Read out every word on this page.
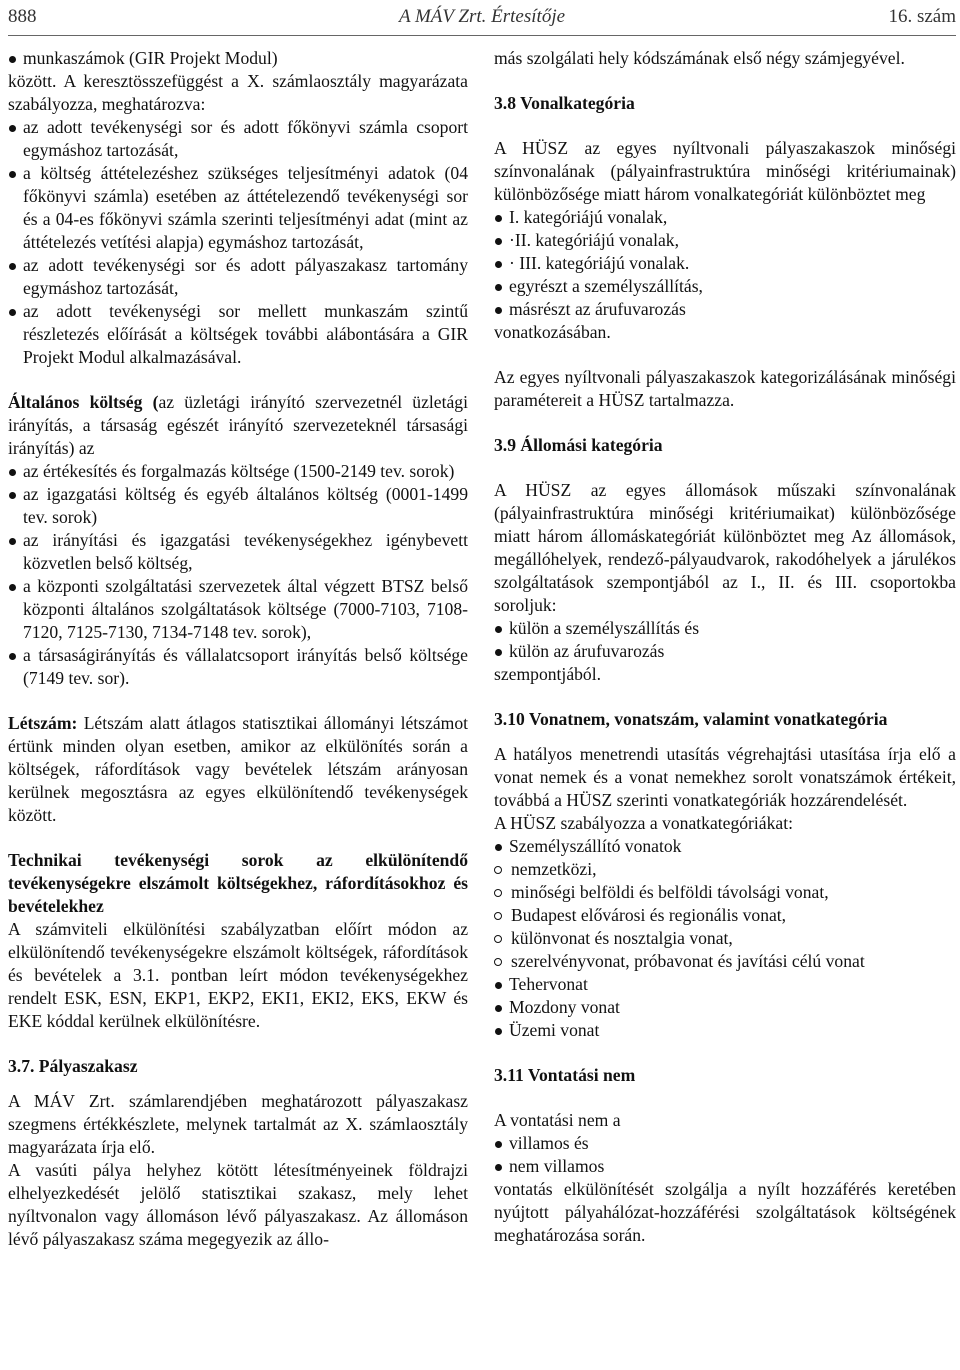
888	A MÁV Zrt. Értesítője	16. szám
munkaszámok (GIR Projekt Modul)

között. A keresztösszefüggést a X. számlaosztály magyarázata szabályozza, meghatározva:

az adott tevékenységi sor és adott főkönyvi számla csoport egymáshoz tartozását,
a költség áttételezéshez szükséges teljesítményi adatok (04 főkönyvi számla) esetében az áttételezendő tevékenységi sor és a 04-es főkönyvi számla szerinti teljesítményi adat (mint az áttételezés vetítési alapja) egymáshoz tartozását,
az adott tevékenységi sor és adott pályaszakasz tartomány egymáshoz tartozását,
az adott tevékenységi sor mellett munkaszám szintű részletezés előírását a költségek további alábontására a GIR Projekt Modul alkalmazásával.

Általános költség (az üzletági irányító szervezetnél üzletági irányítás, a társaság egészét irányító szervezeteknél társasági irányítás) az

az értékesítés és forgalmazás költsége (1500-2149 tev. sorok)
az igazgatási költség és egyéb általános költség (0001-1499 tev. sorok)
az irányítási és igazgatási tevékenységekhez igénybevett közvetlen belső költség,
a központi szolgáltatási szervezetek által végzett BTSZ belső központi általános szolgáltatások költsége (7000-7103, 7108-7120, 7125-7130, 7134-7148 tev. sorok),
a társaságirányítás és vállalatcsoport irányítás belső költsége (7149 tev. sor).

Létszám: Létszám alatt átlagos statisztikai állományi létszámot értünk minden olyan esetben, amikor az elkülönítés során a költségek, ráfordítások vagy bevételek létszám arányosan kerülnek megosztásra az egyes elkülönítendő tevékenységek között.

Technikai tevékenységi sorok az elkülönítendő tevékenységekre elszámolt költségekhez, ráfordításokhoz és bevételekhez

A számviteli elkülönítési szabályzatban előírt módon az elkülönítendő tevékenységekre elszámolt költségek, ráfordítások és bevételek a 3.1. pontban leírt módon tevékenységekhez rendelt ESK, ESN, EKP1, EKP2, EKI1, EKI2, EKS, EKW és EKE kóddal kerülnek elkülönítésre.

3.7. Pályaszakasz

A MÁV Zrt. számlarendjében meghatározott pályaszakasz szegmens értékkészlete, melynek tartalmát az X. számlaosztály magyarázata írja elő.

A vasúti pálya helyhez kötött létesítményeinek földrajzi elhelyezkedését jelölő statisztikai szakasz, mely lehet nyíltvonalon vagy állomáson lévő pályaszakasz. Az állomáson lévő pályaszakasz száma megegyezik az állo-

más szolgálati hely kódszámának első négy számjegyével.

3.8 Vonalkategória

A HÜSZ az egyes nyíltvonali pályaszakaszok minőségi színvonalának (pályainfrastruktúra minőségi kritériumainak) különbözősége miatt három vonalkategóriát különböztet meg

I. kategóriájú vonalak,
·II. kategóriájú vonalak,
· III. kategóriájú vonalak.
egyrészt a személyszállítás,
másrészt az árufuvarozás

vonatkozásában.

Az egyes nyíltvonali pályaszakaszok kategorizálásának minőségi paramétereit a HÜSZ tartalmazza.

3.9 Állomási kategória

A HÜSZ az egyes állomások műszaki színvonalának (pályainfrastruktúra minőségi kritériumaikat) különbözősége miatt három állomáskategóriát különböztet meg Az állomások, megállóhelyek, rendező-pályaudvarok, rakodóhelyek a járulékos szolgáltatások szempontjából az I., II. és III. csoportokba soroljuk:

külön a személyszállítás és
külön az árufuvarozás

szempontjából.

3.10 Vonatnem, vonatszám, valamint vonatkategória

A hatályos menetrendi utasítás végrehajtási utasítása írja elő a vonat nemek és a vonat nemekhez sorolt vonatszámok értékeit, továbbá a HÜSZ szerinti vonatkategóriák hozzárendelését.

A HÜSZ szabályozza a vonatkategóriákat:

Személyszállító vonatok
nemzetközi,
minőségi belföldi és belföldi távolsági vonat,
Budapest elővárosi és regionális vonat,
különvonat és nosztalgia vonat,
szerelvényvonat, próbavonat és javítási célú vonat
Tehervonat
Mozdony vonat
Üzemi vonat

3.11 Vontatási nem

A vontatási nem a

villamos és
nem villamos

vontatás elkülönítését szolgálja a nyílt hozzáférés keretében nyújtott pályahálózat-hozzáférési szolgáltatások költségének meghatározása során.
